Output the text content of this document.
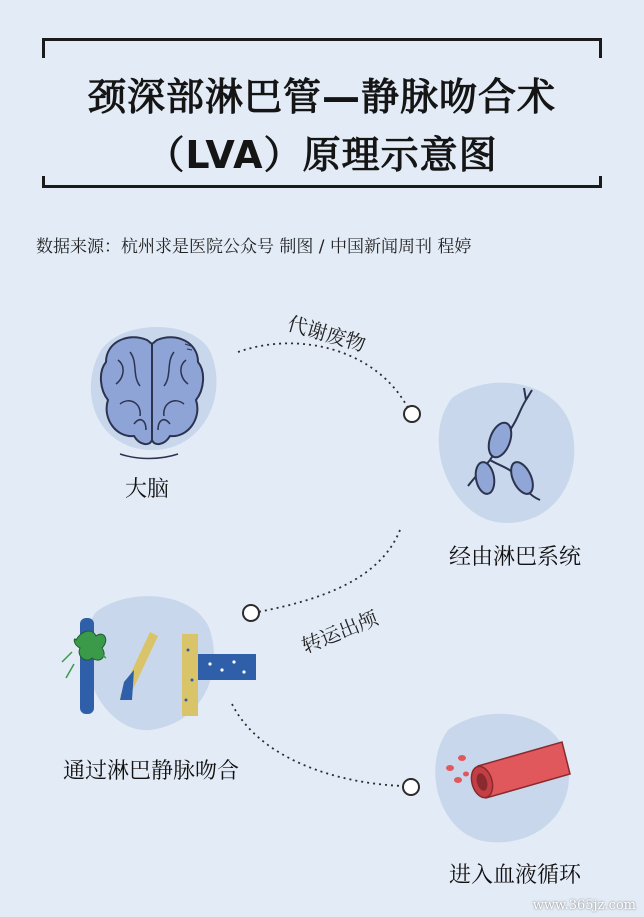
颈深部淋巴管—静脉吻合术
（LVA）原理示意图
数据来源：杭州求是医院公众号 制图 / 中国新闻周刊 程婷
代谢废物
转运出颅
大脑
经由淋巴系统
通过淋巴静脉吻合
进入血液循环
www.365jz.com
